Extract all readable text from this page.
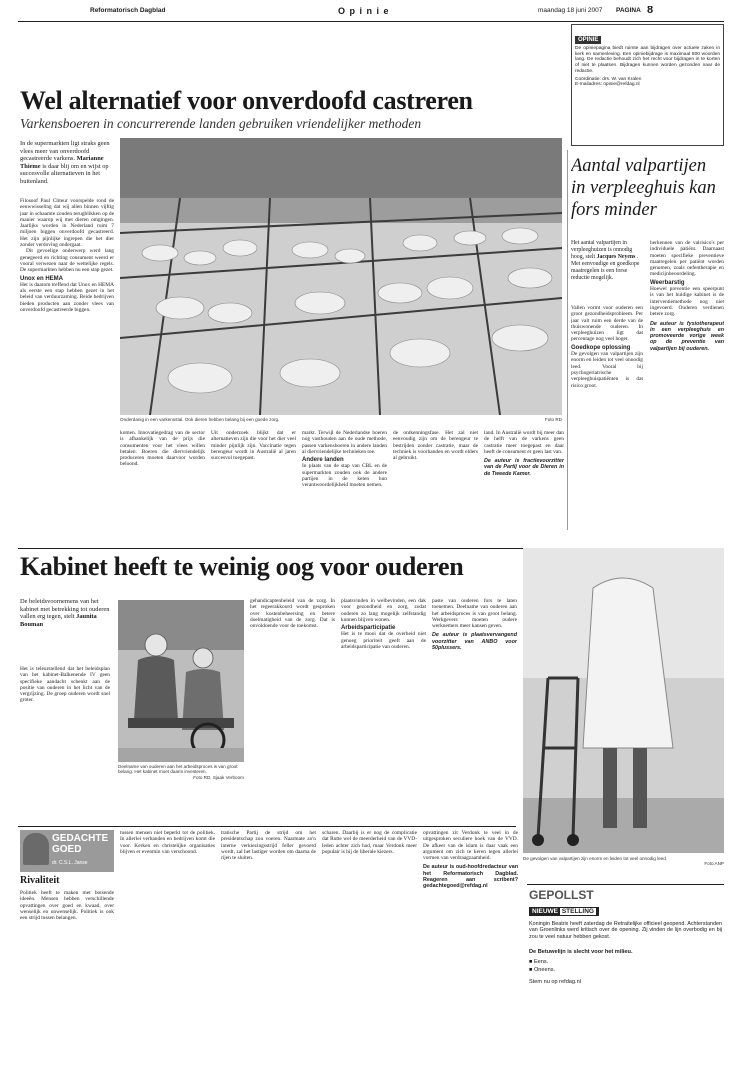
Reformatorisch Dagblad	O p i n i e	maandag 18 juni 2007 PAGINA 8
Wel alternatief voor onverdoofd castreren
Varkensboeren in concurrerende landen gebruiken vriendelijker methoden
OPINIE
De opiniepagina biedt ruimte aan bijdragen over actuele zaken in kerk en samenleving. Een opiniebijdrage is maximaal 800 woorden lang. De redactie behoudt zich het recht voor bijdragen in te korten of niet te plaatsen. Bijdragen kunnen worden gezonden naar de redactie.
Coördinatie: drs. W. van Kralen
E-mailadres: opinie@refdag.nl
In de supermarkten ligt straks geen vlees meer van onverdoofd gecastreerde varkens. Marianne Thieme is daar blij om en wijst op succesvolle alternatieven in het buitenland.

Filosoof Paul Cliteur voorspelde rond de eeuwwisseling dat wij allen binnen vijftig jaar in schaamte zouden terugblikken op de manier waarop wij met dieren omgingen. Jaarlijks worden in Nederland ruim 7 miljoen biggen onverdoofd gecastreerd. Het zijn pijnlijke ingrepen die het dier zonder verdoving ondergaat.

Dit gevoelige onderwerp werd lang genegeerd en richting consument weerd er vooral verwezen naar de wettelijke regels. De supermarkten hebben nu een stap gezet.

Unox en HEMA

Het is daarom treffend dat Unox en HEMA als eerste een stap hebben gezet in het beleid van verduurzaming. Beide bedrijven bieden producten aan zonder vlees van onverdoofd gecastreerde biggen.

Onderdanig in een varkensstal. Ook dieren hebben belang bij een goede zorg.	Foto RD
komen. Innovatiegedrag van de sector is afhankelijk van de prijs die consumenten voor het vlees willen betalen. Boeren die diervriendelijk produceren moeten daarvoor worden beloond.
Uit onderzoek blijkt dat er alternatieven zijn die voor het dier veel minder pijnlijk zijn. Vaccinatie tegen berengeur wordt in Australië al jaren succesvol toegepast.

markt. Terwijl de Nederlandse boeren nog vasthouden aan de oude methode, passen varkensboeren in andere landen al diervriendelijke technieken toe.

Andere landen

In plaats van de stap van CBL en de supermarkten zouden ook de andere partijen in de keten hun verantwoordelijkheid moeten nemen.

de ontkenningsfase. Het zal niet eenvoudig zijn om de berengeur te bestrijden zonder castratie, maar de techniek is voorhanden en wordt elders al gebruikt.

land. In Australië wordt bij meer dan de helft van de varkens geen castratie meer toegepast en daar heeft de consument er geen last van.

De auteur is fractievoorzitter van de Partij voor de Dieren in de Tweede Kamer.

Aantal valpartijen in verpleeghuis kan fors minder
Het aantal valpartijen in verpleeghuizen is onnodig hoog, stelt Jacques Neyens . Met eenvoudige en goedkope maatregelen is een forse reductie mogelijk.

Vallen vormt voor ouderen een groot gezondheidsprobleem. Per jaar valt ruim een derde van de thuiswonende ouderen. In verpleeghuizen ligt dat percentage nog veel hoger.

Goedkope oplossing

De gevolgen van valpartijen zijn enorm en leiden tot veel onnodig leed. Vooral bij psychogeriatrische verpleeghuispatiënten is dat risico groot.

herkennen van de valrisico's per individuele patiënt. Daarnaast moeten specifieke preventieve maatregelen per patiënt worden genomen, zoals oefentherapie en medicijnbeoordeling.

Weerbarstig

Hoewel preventie een speerpunt is van het huidige kabinet is de interventiemethode nog niet ingevoerd. Ouderen verdienen betere zorg.

De auteur is fysiotherapeut in een verpleeghuis en promoveerde vorige week op de preventie van valpartijen bij ouderen.

Kabinet heeft te weinig oog voor ouderen
De beleidsvoornemens van het kabinet met betrekking tot ouderen vallen erg tegen, stelt Jaunita Bouman
Het is teleurstellend dat het beleidsplan van het kabinet-Balkenende IV geen specifieke aandacht schenkt aan de positie van ouderen in het licht van de vergrijzing. De groep ouderen wordt snel groter.
Deelname van ouderen aan het arbeidsproces is van groot belang. Het kabinet moet daarin investeren.
Foto RD, Sjaak Verboom
gehandicaptenbeleid van de zorg. In het regeerakkoord wordt gesproken over kostenbeheersing en betere doelmatigheid van de zorg. Dat is onvoldoende voor de toekomst.

plaatsvinden in welbevinden, een dak voor gezondheid en zorg, zodat ouderen zo lang mogelijk zelfstandig kunnen blijven wonen.

Arbeidsparticipatie

Het is te mooi dat de overheid niet genoeg prioriteit geeft aan de arbeidsparticipatie van ouderen.

paste van ouderen fors te laten toenemen. Deelname van ouderen aan het arbeidsproces is van groot belang. Werkgevers moeten oudere werknemers meer kansen geven.

De auteur is plaatsvervangend voorzitter van ANBO voor 50plussers.

De gevolgen van valpartijen zijn enorm en leiden tot veel onnodig leed.
Foto ANP
GEDACHTE GOED
dr. C.S.L. Janse
Rivaliteit
Politiek heeft te maken met botsende ideeën. Mensen hebben verschillende opvattingen over goed en kwaad, over wenselijk en onwenselijk. Politiek is ook een strijd tussen belangen.
tussen mensen niet beperkt tot de politiek. In allerlei verbanden en bedrijven komt die voor. Kerken en christelijke organisaties blijven er evenmin van verschoond.
tratische Partij de strijd om het presidentschap zou voeren. Naarmate zo'n interne verkiezingsstrijd feller gevoerd wordt, zal het lastiger worden om daarna de rijen te sluiten.
scharen. Daarbij is er nog de complicatie dat Rutte wel de meerderheid van de VVD-leden achter zich had, maar Verdonk meer populair is bij de liberale kiezers.

opvattingen zit Verdonk te veel in de uitgesproken seculiere hoek van de VVD. De afkeer van de islam is daar vaak een argument om zich te keren tegen allerlei vormen van verdraagzaamheid.

De auteur is oud-hoofdredacteur van het Reformatorisch Dagblad. Reageren aan scribent? gedachtegoed@refdag.nl

GEPOLLST
NIEUWE STELLING
Koningin Beatrix heeft zaterdag de Retraitelijke officieel geopend. Achterstanden van Groenlinks werd kritisch over de opening. Zij vinden de lijn overbodig en bij zou te veel natuur hebben gekost.
De Betuwelijn is slecht voor het milieu.
■ Eens.
■ Oneens.
Stem nu op refdag.nl
